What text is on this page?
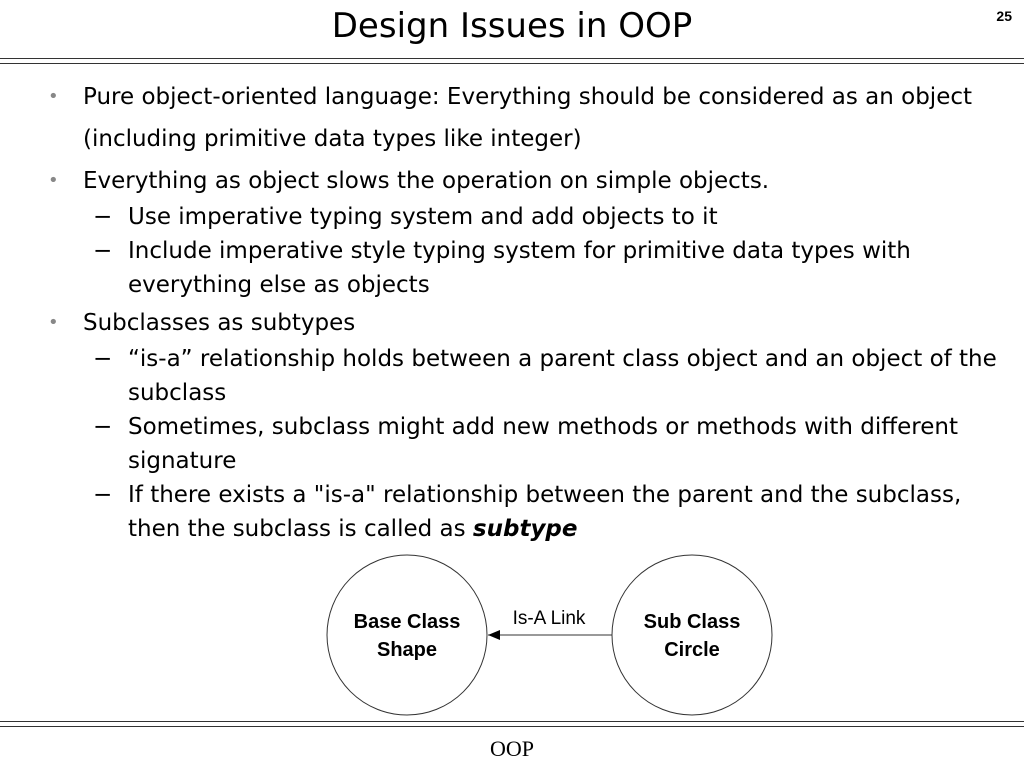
Design Issues in OOP	25
•	Pure object-oriented language: Everything should be considered as an object (including primitive data types like integer)
•	Everything as object slows the operation on simple objects.
− Use imperative typing system and add objects to it
− Include imperative style typing system for primitive data types with everything else as objects
•	Subclasses as subtypes
− “is-a” relationship holds between a parent class object and an object of the subclass
− Sometimes, subclass might add new methods or methods with different signature
− If there exists a "is-a" relationship between the parent and the subclass, then the subclass is called as subtype
Base Class
Shape
Sub Class
Circle
Is-A Link
OOP
